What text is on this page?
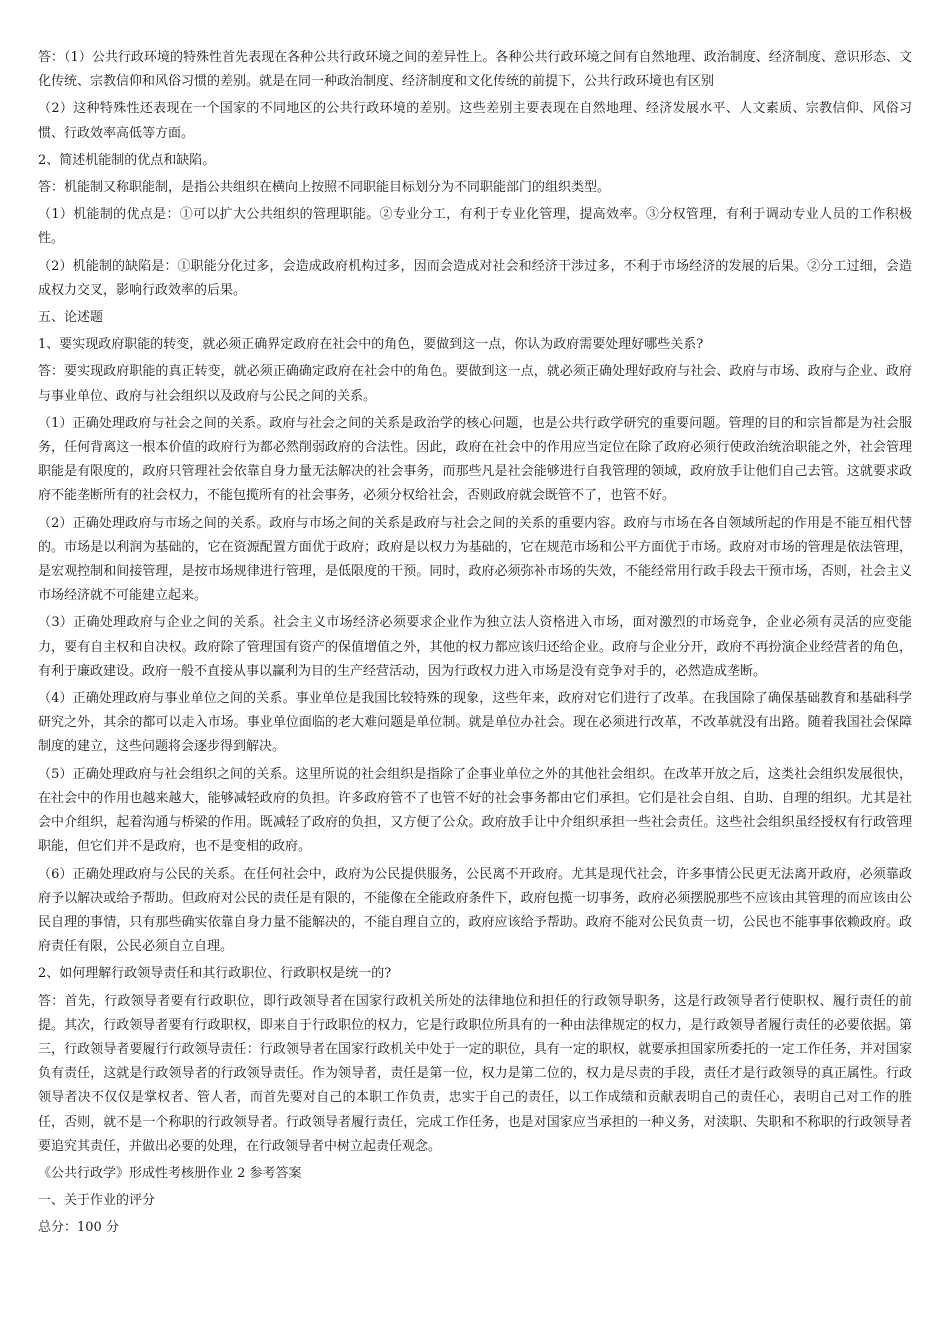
答：（1）公共行政环境的特殊性首先表现在各种公共行政环境之间的差异性上。各种公共行政环境之间有自然地理、政治制度、经济制度、意识形态、文化传统、宗教信仰和风俗习惯的差别。就是在同一种政治制度、经济制度和文化传统的前提下，公共行政环境也有区别

（2）这种特殊性还表现在一个国家的不同地区的公共行政环境的差别。这些差别主要表现在自然地理、经济发展水平、人文素质、宗教信仰、风俗习惯、行政效率高低等方面。

2、简述机能制的优点和缺陷。

答：机能制又称职能制，是指公共组织在横向上按照不同职能目标划分为不同职能部门的组织类型。

（1）机能制的优点是：①可以扩大公共组织的管理职能。②专业分工，有利于专业化管理，提高效率。③分权管理，有利于调动专业人员的工作积极性。

（2）机能制的缺陷是：①职能分化过多，会造成政府机构过多，因而会造成对社会和经济干涉过多，不利于市场经济的发展的后果。②分工过细，会造成权力交叉，影响行政效率的后果。

五、论述题

1、要实现政府职能的转变，就必须正确界定政府在社会中的角色，要做到这一点，你认为政府需要处理好哪些关系?

答：要实现政府职能的真正转变，就必须正确确定政府在社会中的角色。要做到这一点，就必须正确处理好政府与社会、政府与市场、政府与企业、政府与事业单位、政府与社会组织以及政府与公民之间的关系。

（1）正确处理政府与社会之间的关系。政府与社会之间的关系是政治学的核心问题，也是公共行政学研究的重要问题。管理的目的和宗旨都是为社会服务，任何背离这一根本价值的政府行为都必然削弱政府的合法性。因此，政府在社会中的作用应当定位在除了政府必须行使政治统治职能之外，社会管理职能是有限度的，政府只管理社会依靠自身力量无法解决的社会事务，而那些凡是社会能够进行自我管理的领域，政府放手让他们自己去管。这就要求政府不能垄断所有的社会权力，不能包揽所有的社会事务，必须分权给社会，否则政府就会既管不了，也管不好。

（2）正确处理政府与市场之间的关系。政府与市场之间的关系是政府与社会之间的关系的重要内容。政府与市场在各自领域所起的作用是不能互相代替的。市场是以利润为基础的，它在资源配置方面优于政府；政府是以权力为基础的，它在规范市场和公平方面优于市场。政府对市场的管理是依法管理，是宏观控制和间接管理，是按市场规律进行管理，是低限度的干预。同时，政府必须弥补市场的失效，不能经常用行政手段去干预市场，否则，社会主义市场经济就不可能建立起来。

（3）正确处理政府与企业之间的关系。社会主义市场经济必须要求企业作为独立法人资格进入市场，面对激烈的市场竞争，企业必须有灵活的应变能力，要有自主权和自决权。政府除了管理国有资产的保值增值之外，其他的权力都应该归还给企业。政府与企业分开，政府不再扮演企业经营者的角色，有利于廉政建设。政府一般不直接从事以赢利为目的生产经营活动，因为行政权力进入市场是没有竞争对手的，必然造成垄断。

（4）正确处理政府与事业单位之间的关系。事业单位是我国比较特殊的现象，这些年来，政府对它们进行了改革。在我国除了确保基础教育和基础科学研究之外，其余的都可以走入市场。事业单位面临的老大难问题是单位制。就是单位办社会。现在必须进行改革，不改革就没有出路。随着我国社会保障制度的建立，这些问题将会逐步得到解决。

（5）正确处理政府与社会组织之间的关系。这里所说的社会组织是指除了企事业单位之外的其他社会组织。在改革开放之后，这类社会组织发展很快，在社会中的作用也越来越大，能够减轻政府的负担。许多政府管不了也管不好的社会事务都由它们承担。它们是社会自组、自助、自理的组织。尤其是社会中介组织，起着沟通与桥梁的作用。既减轻了政府的负担，又方便了公众。政府放手让中介组织承担一些社会责任。这些社会组织虽经授权有行政管理职能，但它们并不是政府，也不是变相的政府。

（6）正确处理政府与公民的关系。在任何社会中，政府为公民提供服务，公民离不开政府。尤其是现代社会，许多事情公民更无法离开政府，必须靠政府予以解决或给予帮助。但政府对公民的责任是有限的，不能像在全能政府条件下，政府包揽一切事务，政府必须摆脱那些不应该由其管理的而应该由公民自理的事情，只有那些确实依靠自身力量不能解决的，不能自理自立的，政府应该给予帮助。政府不能对公民负责一切，公民也不能事事依赖政府。政府责任有限，公民必须自立自理。

2、如何理解行政领导责任和其行政职位、行政职权是统一的?

答：首先，行政领导者要有行政职位，即行政领导者在国家行政机关所处的法律地位和担任的行政领导职务，这是行政领导者行使职权、履行责任的前提。其次，行政领导者要有行政职权，即来自于行政职位的权力，它是行政职位所具有的一种由法律规定的权力，是行政领导者履行责任的必要依据。第三，行政领导者要履行行政领导责任：行政领导者在国家行政机关中处于一定的职位，具有一定的职权，就要承担国家所委托的一定工作任务，并对国家负有责任，这就是行政领导者的行政领导责任。作为领导者，责任是第一位，权力是第二位的，权力是尽责的手段，责任才是行政领导的真正属性。行政领导者决不仅仅是掌权者、管人者，而首先要对自己的本职工作负责，忠实于自己的责任，以工作成绩和贡献表明自己的责任心，表明自己对工作的胜任，否则，就不是一个称职的行政领导者。行政领导者履行责任，完成工作任务，也是对国家应当承担的一种义务，对渎职、失职和不称职的行政领导者要追究其责任，并做出必要的处理，在行政领导者中树立起责任观念。

《公共行政学》形成性考核册作业 2 参考答案

一、关于作业的评分

总分：100 分
